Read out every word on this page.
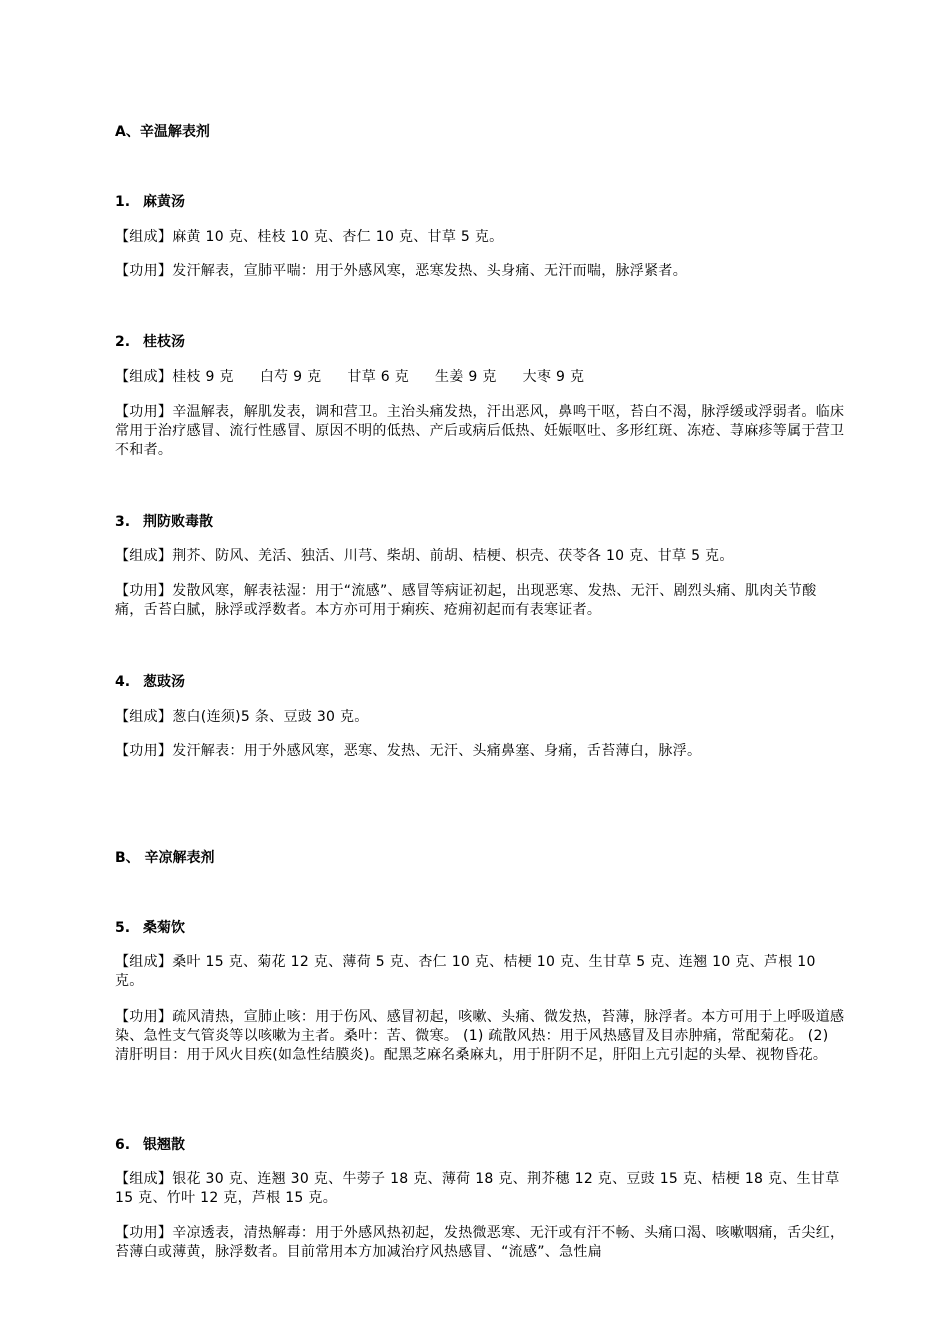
A、辛温解表剂
1. 麻黄汤
【组成】麻黄 10 克、桂枝 10 克、杏仁 10 克、甘草 5 克。
【功用】发汗解表，宣肺平喘：用于外感风寒，恶寒发热、头身痛、无汗而喘，脉浮紧者。
2. 桂枝汤
【组成】桂枝 9 克 白芍 9 克 甘草 6 克 生姜 9 克 大枣 9 克
【功用】辛温解表，解肌发表，调和营卫。主治头痛发热，汗出恶风，鼻鸣干呕，苔白不渴，脉浮缓或浮弱者。临床常用于治疗感冒、流行性感冒、原因不明的低热、产后或病后低热、妊娠呕吐、多形红斑、冻疮、荨麻疹等属于营卫不和者。
3. 荆防败毒散
【组成】荆芥、防风、羌活、独活、川芎、柴胡、前胡、桔梗、枳壳、茯苓各 10 克、甘草 5 克。
【功用】发散风寒，解表祛湿：用于“流感”、感冒等病证初起，出现恶寒、发热、无汗、剧烈头痛、肌肉关节酸痛，舌苔白腻，脉浮或浮数者。本方亦可用于痢疾、疮痈初起而有表寒证者。
4. 葱豉汤
【组成】葱白(连须)5 条、豆豉 30 克。
【功用】发汗解表：用于外感风寒，恶寒、发热、无汗、头痛鼻塞、身痛，舌苔薄白，脉浮。
B、 辛凉解表剂
5. 桑菊饮
【组成】桑叶 15 克、菊花 12 克、薄荷 5 克、杏仁 10 克、桔梗 10 克、生甘草 5 克、连翘 10 克、芦根 10 克。
【功用】疏风清热，宣肺止咳：用于伤风、感冒初起，咳嗽、头痛、微发热，苔薄，脉浮者。本方可用于上呼吸道感染、急性支气管炎等以咳嗽为主者。桑叶：苦、微寒。 (1) 疏散风热：用于风热感冒及目赤肿痛，常配菊花。 (2) 清肝明目：用于风火目疾(如急性结膜炎)。配黑芝麻名桑麻丸，用于肝阴不足，肝阳上亢引起的头晕、视物昏花。
6. 银翘散
【组成】银花 30 克、连翘 30 克、牛蒡子 18 克、薄荷 18 克、荆芥穗 12 克、豆豉 15 克、桔梗 18 克、生甘草 15 克、竹叶 12 克，芦根 15 克。
【功用】辛凉透表，清热解毒：用于外感风热初起，发热微恶寒、无汗或有汗不畅、头痛口渴、咳嗽咽痛，舌尖红，苔薄白或薄黄，脉浮数者。目前常用本方加减治疗风热感冒、“流感”、急性扁
